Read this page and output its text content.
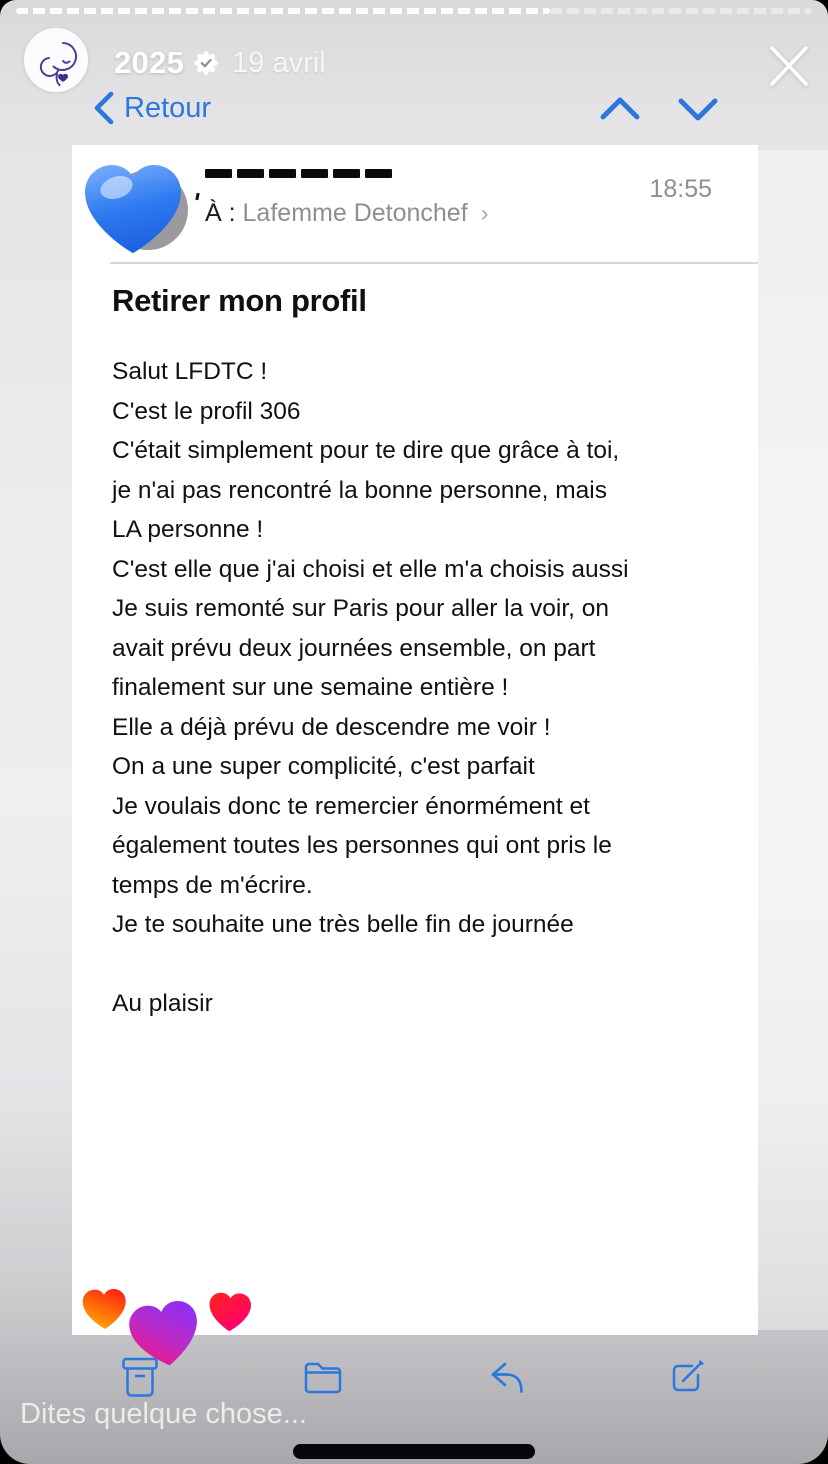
2025 19 avril
Retour
À : Lafemme Detonchef ›
18:55
Retirer mon profil
Salut LFDTC !
C'est le profil 306
C'était simplement pour te dire que grâce à toi,
je n'ai pas rencontré la bonne personne, mais
LA personne !
C'est elle que j'ai choisi et elle m'a choisis aussi
Je suis remonté sur Paris pour aller la voir, on
avait prévu deux journées ensemble, on part
finalement sur une semaine entière !
Elle a déjà prévu de descendre me voir !
On a une super complicité, c'est parfait
Je voulais donc te remercier énormément et
également toutes les personnes qui ont pris le
temps de m'écrire.
Je te souhaite une très belle fin de journée
Au plaisir
Dites quelque chose...
